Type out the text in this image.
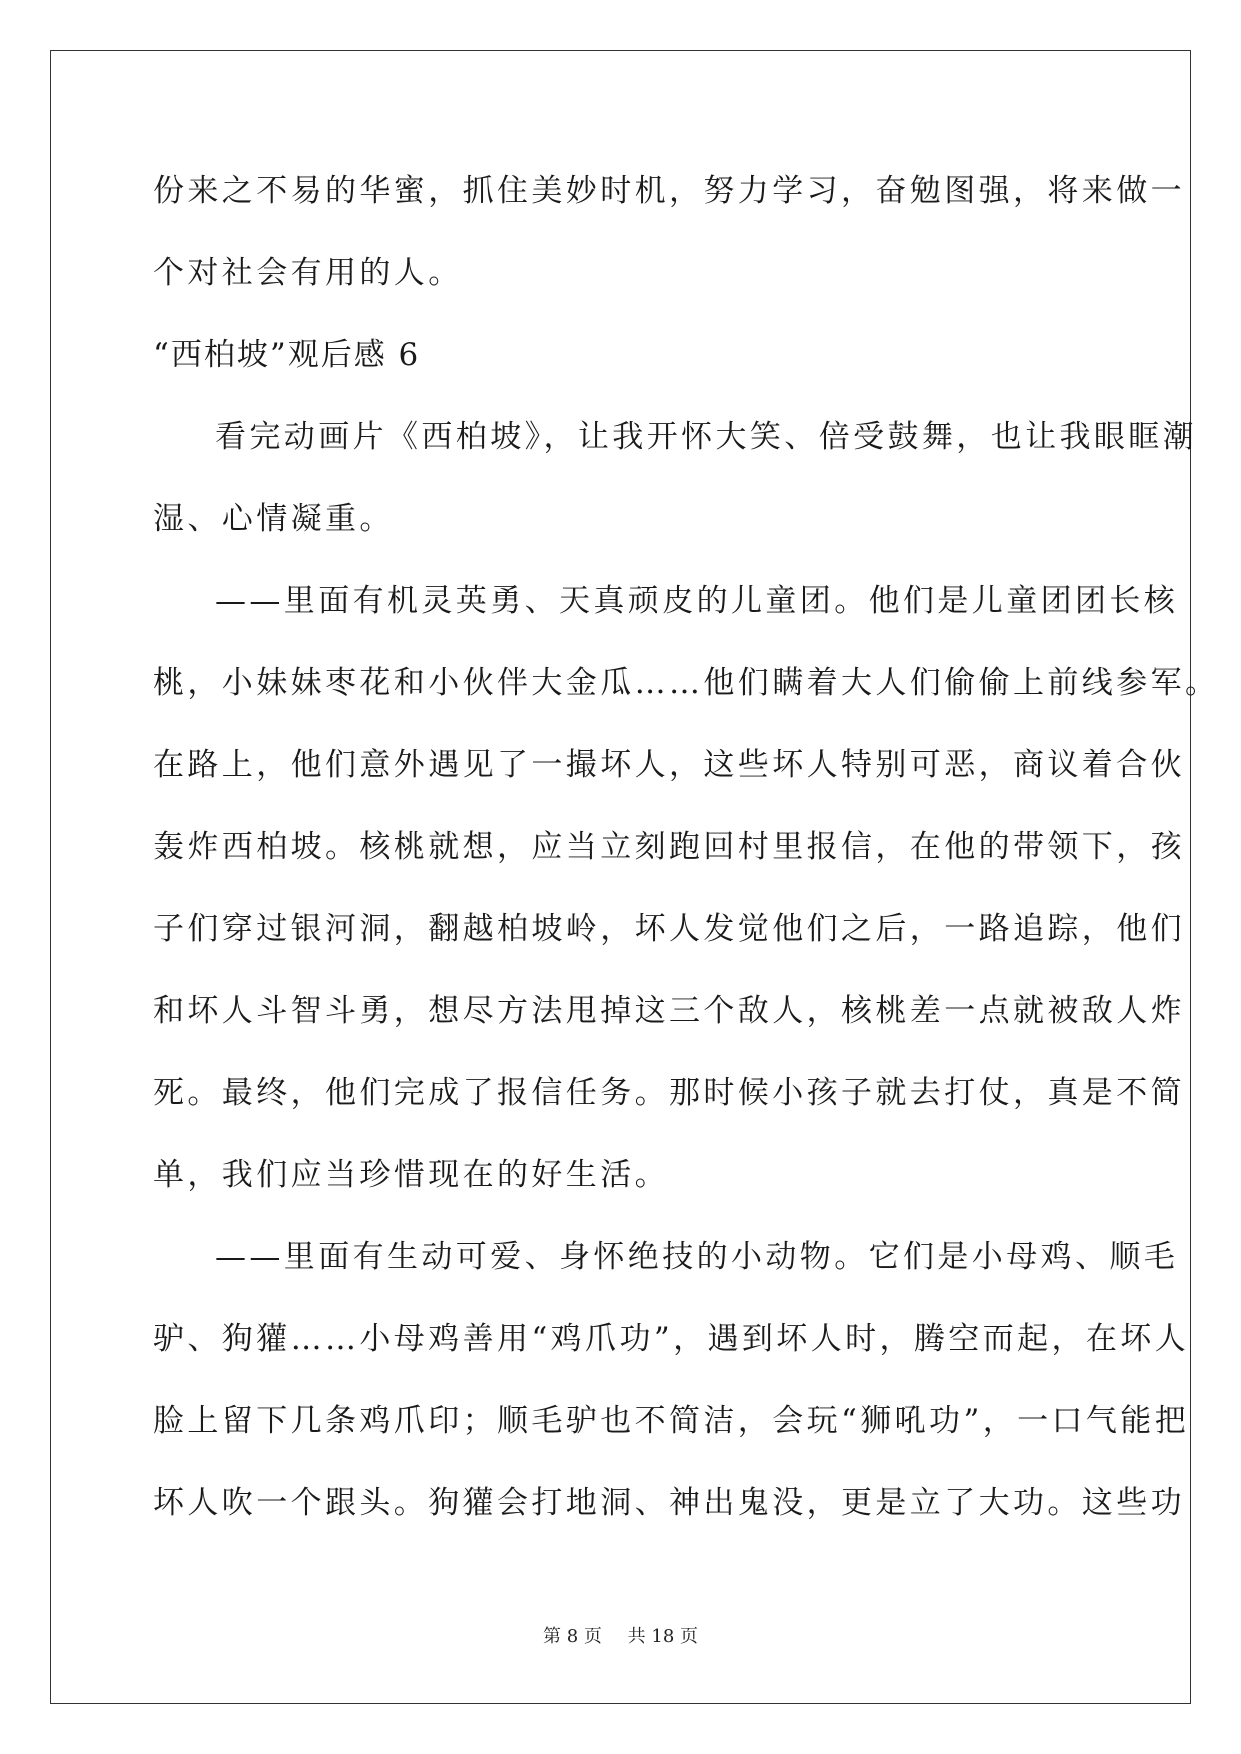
份来之不易的华蜜，抓住美妙时机，努力学习，奋勉图强，将来做一
个对社会有用的人。
“西柏坡”观后感 6
看完动画片《西柏坡》，让我开怀大笑、倍受鼓舞，也让我眼眶潮
湿、心情凝重。
——里面有机灵英勇、天真顽皮的儿童团。他们是儿童团团长核
桃，小妹妹枣花和小伙伴大金瓜……他们瞒着大人们偷偷上前线参军。
在路上，他们意外遇见了一撮坏人，这些坏人特别可恶，商议着合伙
轰炸西柏坡。核桃就想，应当立刻跑回村里报信，在他的带领下，孩
子们穿过银河洞，翻越柏坡岭，坏人发觉他们之后，一路追踪，他们
和坏人斗智斗勇，想尽方法甩掉这三个敌人，核桃差一点就被敌人炸
死。最终，他们完成了报信任务。那时候小孩子就去打仗，真是不简
单，我们应当珍惜现在的好生活。
——里面有生动可爱、身怀绝技的小动物。它们是小母鸡、顺毛
驴、狗獾……小母鸡善用“鸡爪功”，遇到坏人时，腾空而起，在坏人
脸上留下几条鸡爪印；顺毛驴也不简洁，会玩“狮吼功”，一口气能把
坏人吹一个跟头。狗獾会打地洞、神出鬼没，更是立了大功。这些功
第 8 页 共 18 页
